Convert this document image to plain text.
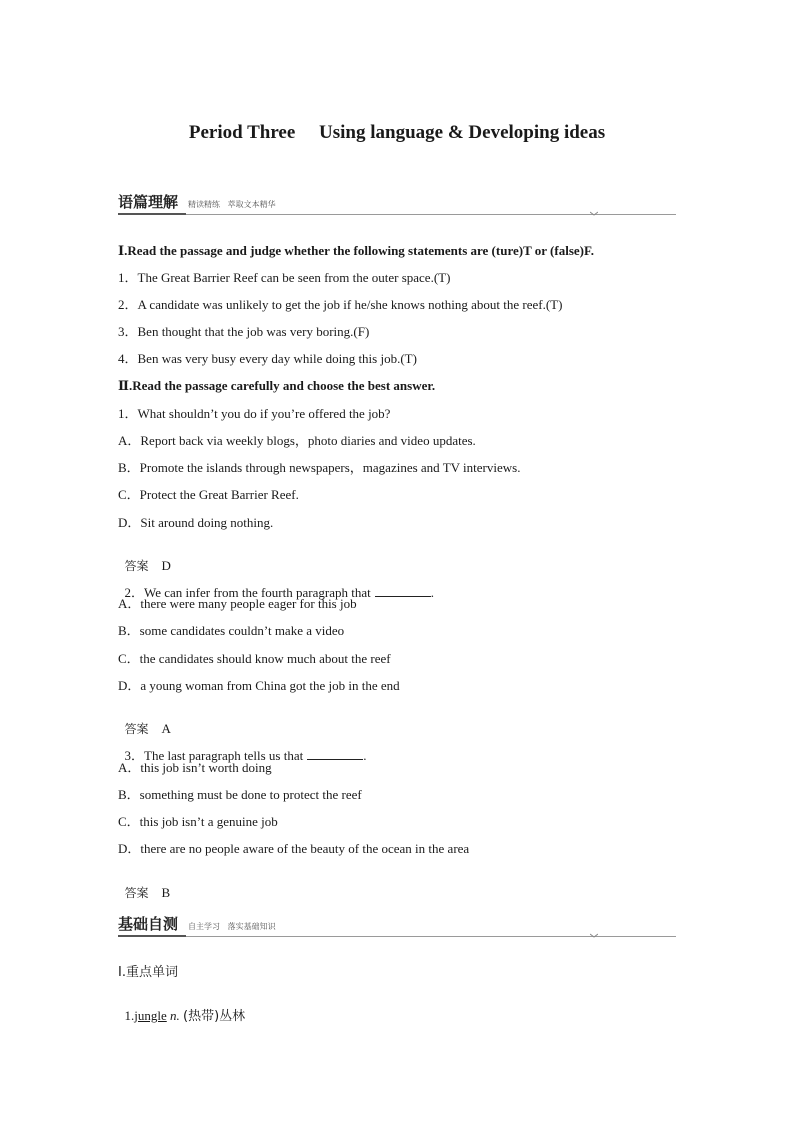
Period Three     Using language & Developing ideas
语篇理解 精读精练   萃取文本精华
Ⅰ.Read the passage and judge whether the following statements are (ture)T or (false)F.
1．The Great Barrier Reef can be seen from the outer space.(T)
2．A candidate was unlikely to get the job if he/she knows nothing about the reef.(T)
3．Ben thought that the job was very boring.(F)
4．Ben was very busy every day while doing this job.(T)
Ⅱ.Read the passage carefully and choose the best answer.
1．What shouldn’t you do if you’re offered the job?
A．Report back via weekly blogs，photo diaries and video updates.
B．Promote the islands through newspapers，magazines and TV interviews.
C．Protect the Great Barrier Reef.
D．Sit around doing nothing.

答案 D

2．We can infer from the fourth paragraph that	.

A．there were many people eager for this job
B．some candidates couldn’t make a video
C．the candidates should know much about the reef
D．a young woman from China got the job in the end

答案 A

3．The last paragraph tells us that	.

A．this job isn’t worth doing
B．something must be done to protect the reef
C．this job isn’t a genuine job
D．there are no people aware of the beauty of the ocean in the area

答案 B

基础自测 自主学习   落实基础知识
Ⅰ.重点单词

1.jungle n. (热带)丛林
